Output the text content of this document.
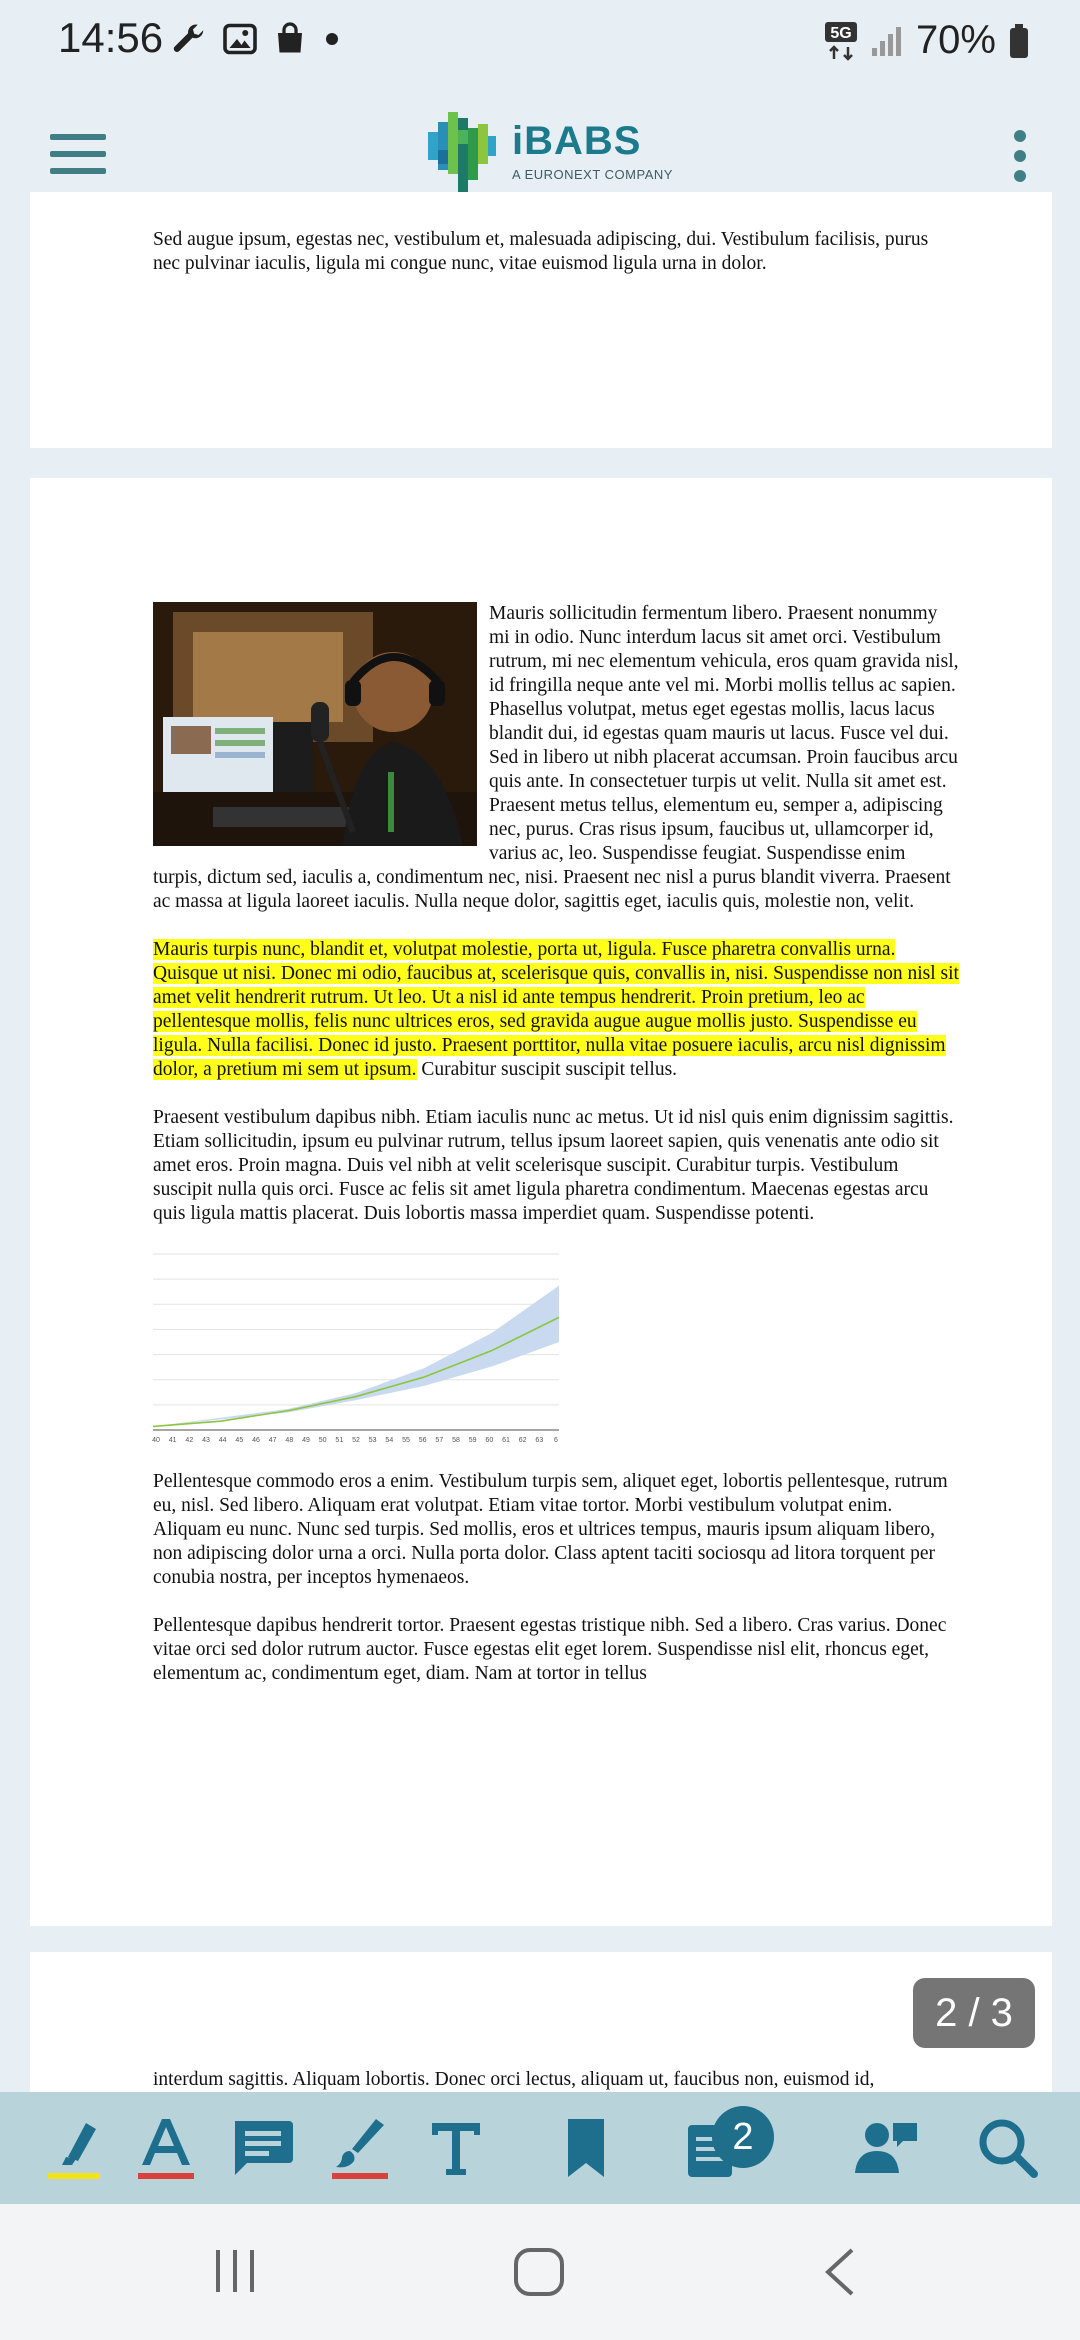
14:56	5G 70%
iBABS
A EURONEXT COMPANY
Sed augue ipsum, egestas nec, vestibulum et, malesuada adipiscing, dui. Vestibulum facilisis, purus nec pulvinar iaculis, ligula mi congue nunc, vitae euismod ligula urna in dolor.

Mauris sollicitudin fermentum libero. Praesent nonummy mi in odio. Nunc interdum lacus sit amet orci. Vestibulum rutrum, mi nec elementum vehicula, eros quam gravida nisl, id fringilla neque ante vel mi. Morbi mollis tellus ac sapien. Phasellus volutpat, metus eget egestas mollis, lacus lacus blandit dui, id egestas quam mauris ut lacus. Fusce vel dui. Sed in libero ut nibh placerat accumsan. Proin faucibus arcu quis ante. In consectetuer turpis ut velit. Nulla sit amet est. Praesent metus tellus, elementum eu, semper a, adipiscing nec, purus. Cras risus ipsum, faucibus ut, ullamcorper id, varius ac, leo. Suspendisse feugiat. Suspendisse enim turpis, dictum sed, iaculis a, condimentum nec, nisi. Praesent nec nisl a purus blandit viverra. Praesent ac massa at ligula laoreet iaculis. Nulla neque dolor, sagittis eget, iaculis quis, molestie non, velit.

Mauris turpis nunc, blandit et, volutpat molestie, porta ut, ligula. Fusce pharetra convallis urna. Quisque ut nisi. Donec mi odio, faucibus at, scelerisque quis, convallis in, nisi. Suspendisse non nisl sit amet velit hendrerit rutrum. Ut leo. Ut a nisl id ante tempus hendrerit. Proin pretium, leo ac pellentesque mollis, felis nunc ultrices eros, sed gravida augue augue mollis justo. Suspendisse eu ligula. Nulla facilisi. Donec id justo. Praesent porttitor, nulla vitae posuere iaculis, arcu nisl dignissim dolor, a pretium mi sem ut ipsum. Curabitur suscipit suscipit tellus.

Praesent vestibulum dapibus nibh. Etiam iaculis nunc ac metus. Ut id nisl quis enim dignissim sagittis. Etiam sollicitudin, ipsum eu pulvinar rutrum, tellus ipsum laoreet sapien, quis venenatis ante odio sit amet eros. Proin magna. Duis vel nibh at velit scelerisque suscipit. Curabitur turpis. Vestibulum suscipit nulla quis orci. Fusce ac felis sit amet ligula pharetra condimentum. Maecenas egestas arcu quis ligula mattis placerat. Duis lobortis massa imperdiet quam. Suspendisse potenti.

40 41 42 43 44 45 46 47 48 49 50 51 52 53 54 55 56 57 58 59 60 61 62 63 6

Pellentesque commodo eros a enim. Vestibulum turpis sem, aliquet eget, lobortis pellentesque, rutrum eu, nisl. Sed libero. Aliquam erat volutpat. Etiam vitae tortor. Morbi vestibulum volutpat enim. Aliquam eu nunc. Nunc sed turpis. Sed mollis, eros et ultrices tempus, mauris ipsum aliquam libero, non adipiscing dolor urna a orci. Nulla porta dolor. Class aptent taciti sociosqu ad litora torquent per conubia nostra, per inceptos hymenaeos.

Pellentesque dapibus hendrerit tortor. Praesent egestas tristique nibh. Sed a libero. Cras varius. Donec vitae orci sed dolor rutrum auctor. Fusce egestas elit eget lorem. Suspendisse nisl elit, rhoncus eget, elementum ac, condimentum eget, diam. Nam at tortor in tellus

interdum sagittis. Aliquam lobortis. Donec orci lectus, aliquam ut, faucibus non, euismod id,
2 / 3
2
